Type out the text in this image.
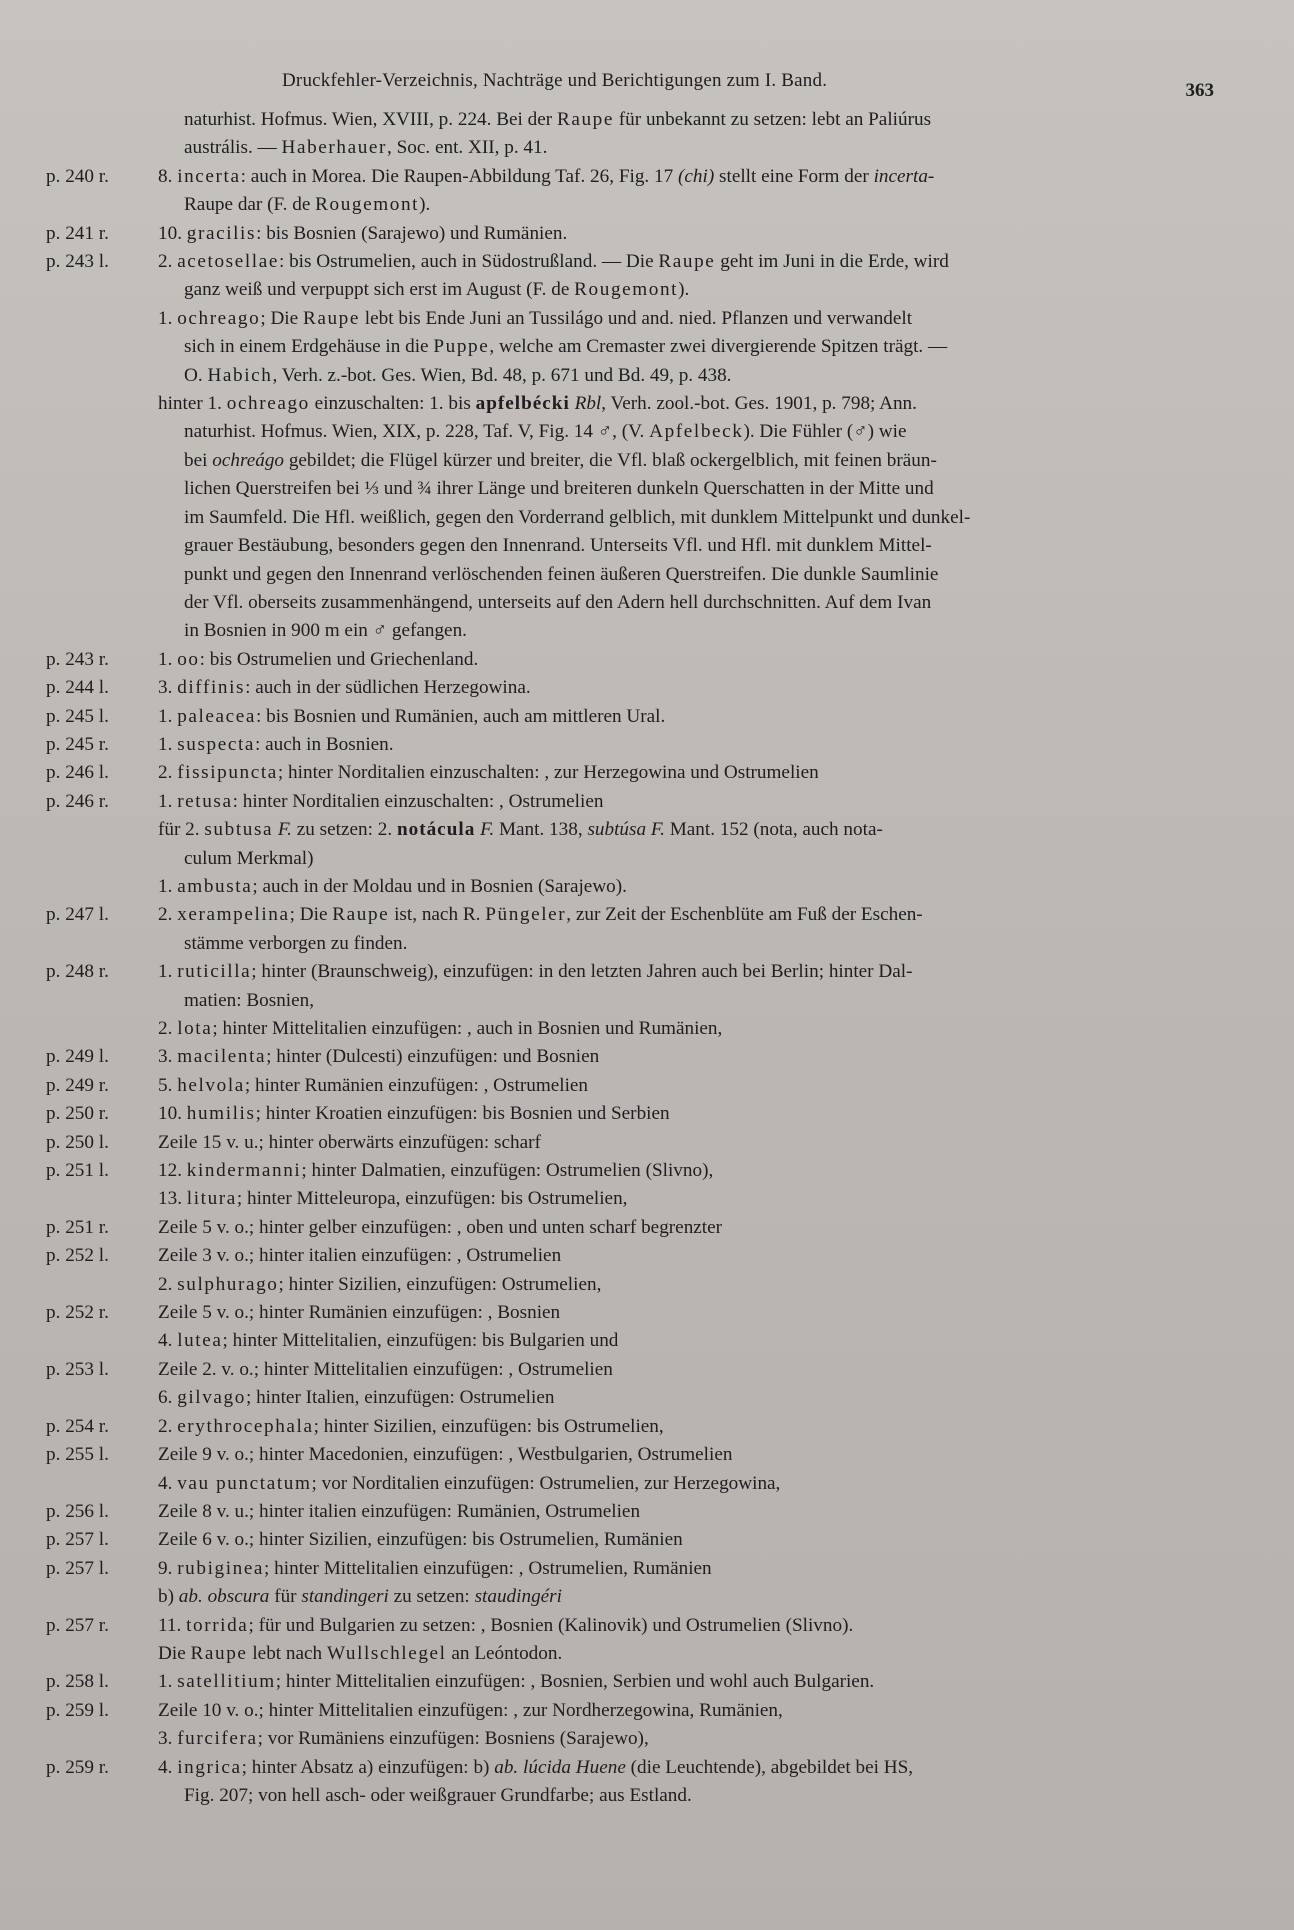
Druckfehler-Verzeichnis, Nachträge und Berichtigungen zum I. Band.	363
naturhist. Hofmus. Wien, XVIII, p. 224. Bei der Raupe für unbekannt zu setzen: lebt an Paliúrus
austrális. — Haberhauer, Soc. ent. XII, p. 41.
p. 240 r.	8. incerta: auch in Morea. Die Raupen-Abbildung Taf. 26, Fig. 17 (chi) stellt eine Form der incerta-
Raupe dar (F. de Rougemont).
p. 241 r.	10. gracilis: bis Bosnien (Sarajewo) und Rumänien.
p. 243 l.	2. acetosellae: bis Ostrumelien, auch in Südostrußland. — Die Raupe geht im Juni in die Erde, wird
ganz weiß und verpuppt sich erst im August (F. de Rougemont).
1. ochreago; Die Raupe lebt bis Ende Juni an Tussilágo und and. nied. Pflanzen und verwandelt
sich in einem Erdgehäuse in die Puppe, welche am Cremaster zwei divergierende Spitzen trägt. —
O. Habich, Verh. z.-bot. Ges. Wien, Bd. 48, p. 671 und Bd. 49, p. 438.
hinter 1. ochreago einzuschalten: 1. bis apfelbécki Rbl, Verh. zool.-bot. Ges. 1901, p. 798; Ann.
naturhist. Hofmus. Wien, XIX, p. 228, Taf. V, Fig. 14 ♂, (V. Apfelbeck). Die Fühler (♂) wie
bei ochreágo gebildet; die Flügel kürzer und breiter, die Vfl. blaß ockergelblich, mit feinen bräun-
lichen Querstreifen bei ⅓ und ¾ ihrer Länge und breiteren dunkeln Querschatten in der Mitte und
im Saumfeld. Die Hfl. weißlich, gegen den Vorderrand gelblich, mit dunklem Mittelpunkt und dunkel-
grauer Bestäubung, besonders gegen den Innenrand. Unterseits Vfl. und Hfl. mit dunklem Mittel-
punkt und gegen den Innenrand verlöschenden feinen äußeren Querstreifen. Die dunkle Saumlinie
der Vfl. oberseits zusammenhängend, unterseits auf den Adern hell durchschnitten. Auf dem Ivan
in Bosnien in 900 m ein ♂ gefangen.
p. 243 r.	1. oo: bis Ostrumelien und Griechenland.
p. 244 l.	3. diffinis: auch in der südlichen Herzegowina.
p. 245 l.	1. paleacea: bis Bosnien und Rumänien, auch am mittleren Ural.
p. 245 r.	1. suspecta: auch in Bosnien.
p. 246 l.	2. fissipuncta; hinter Norditalien einzuschalten: , zur Herzegowina und Ostrumelien
p. 246 r.	1. retusa: hinter Norditalien einzuschalten: , Ostrumelien
für 2. subtusa F. zu setzen: 2. notácula F. Mant. 138, subtúsa F. Mant. 152 (nota, auch nota-
culum Merkmal)
1. ambusta; auch in der Moldau und in Bosnien (Sarajewo).
p. 247 l.	2. xerampelina; Die Raupe ist, nach R. Püngeler, zur Zeit der Eschenblüte am Fuß der Eschen-
stämme verborgen zu finden.
p. 248 r.	1. ruticilla; hinter (Braunschweig), einzufügen: in den letzten Jahren auch bei Berlin; hinter Dal-
matien: Bosnien,
2. lota; hinter Mittelitalien einzufügen: , auch in Bosnien und Rumänien,
p. 249 l.	3. macilenta; hinter (Dulcesti) einzufügen: und Bosnien
p. 249 r.	5. helvola; hinter Rumänien einzufügen: , Ostrumelien
p. 250 r.	10. humilis; hinter Kroatien einzufügen: bis Bosnien und Serbien
p. 250 l.	Zeile 15 v. u.; hinter oberwärts einzufügen: scharf
p. 251 l.	12. kindermanni; hinter Dalmatien, einzufügen: Ostrumelien (Slivno),
13. litura; hinter Mitteleuropa, einzufügen: bis Ostrumelien,
p. 251 r.	Zeile 5 v. o.; hinter gelber einzufügen: , oben und unten scharf begrenzter
p. 252 l.	Zeile 3 v. o.; hinter italien einzufügen: , Ostrumelien
2. sulphurago; hinter Sizilien, einzufügen: Ostrumelien,
p. 252 r.	Zeile 5 v. o.; hinter Rumänien einzufügen: , Bosnien
4. lutea; hinter Mittelitalien, einzufügen: bis Bulgarien und
p. 253 l.	Zeile 2. v. o.; hinter Mittelitalien einzufügen: , Ostrumelien
6. gilvago; hinter Italien, einzufügen: Ostrumelien
p. 254 r.	2. erythrocephala; hinter Sizilien, einzufügen: bis Ostrumelien,
p. 255 l.	Zeile 9 v. o.; hinter Macedonien, einzufügen: , Westbulgarien, Ostrumelien
4. vau punctatum; vor Norditalien einzufügen: Ostrumelien, zur Herzegowina,
p. 256 l.	Zeile 8 v. u.; hinter italien einzufügen: Rumänien, Ostrumelien
p. 257 l.	Zeile 6 v. o.; hinter Sizilien, einzufügen: bis Ostrumelien, Rumänien
p. 257 l.	9. rubiginea; hinter Mittelitalien einzufügen: , Ostrumelien, Rumänien
b) ab. obscura für standingeri zu setzen: staudingéri
p. 257 r.	11. torrida; für und Bulgarien zu setzen: , Bosnien (Kalinovik) und Ostrumelien (Slivno).
Die Raupe lebt nach Wullschlegel an Leóntodon.
p. 258 l.	1. satellitium; hinter Mittelitalien einzufügen: , Bosnien, Serbien und wohl auch Bulgarien.
p. 259 l.	Zeile 10 v. o.; hinter Mittelitalien einzufügen: , zur Nordherzegowina, Rumänien,
3. furcifera; vor Rumäniens einzufügen: Bosniens (Sarajewo),
p. 259 r.	4. ingrica; hinter Absatz a) einzufügen: b) ab. lúcida Huene (die Leuchtende), abgebildet bei HS,
Fig. 207; von hell asch- oder weißgrauer Grundfarbe; aus Estland.
